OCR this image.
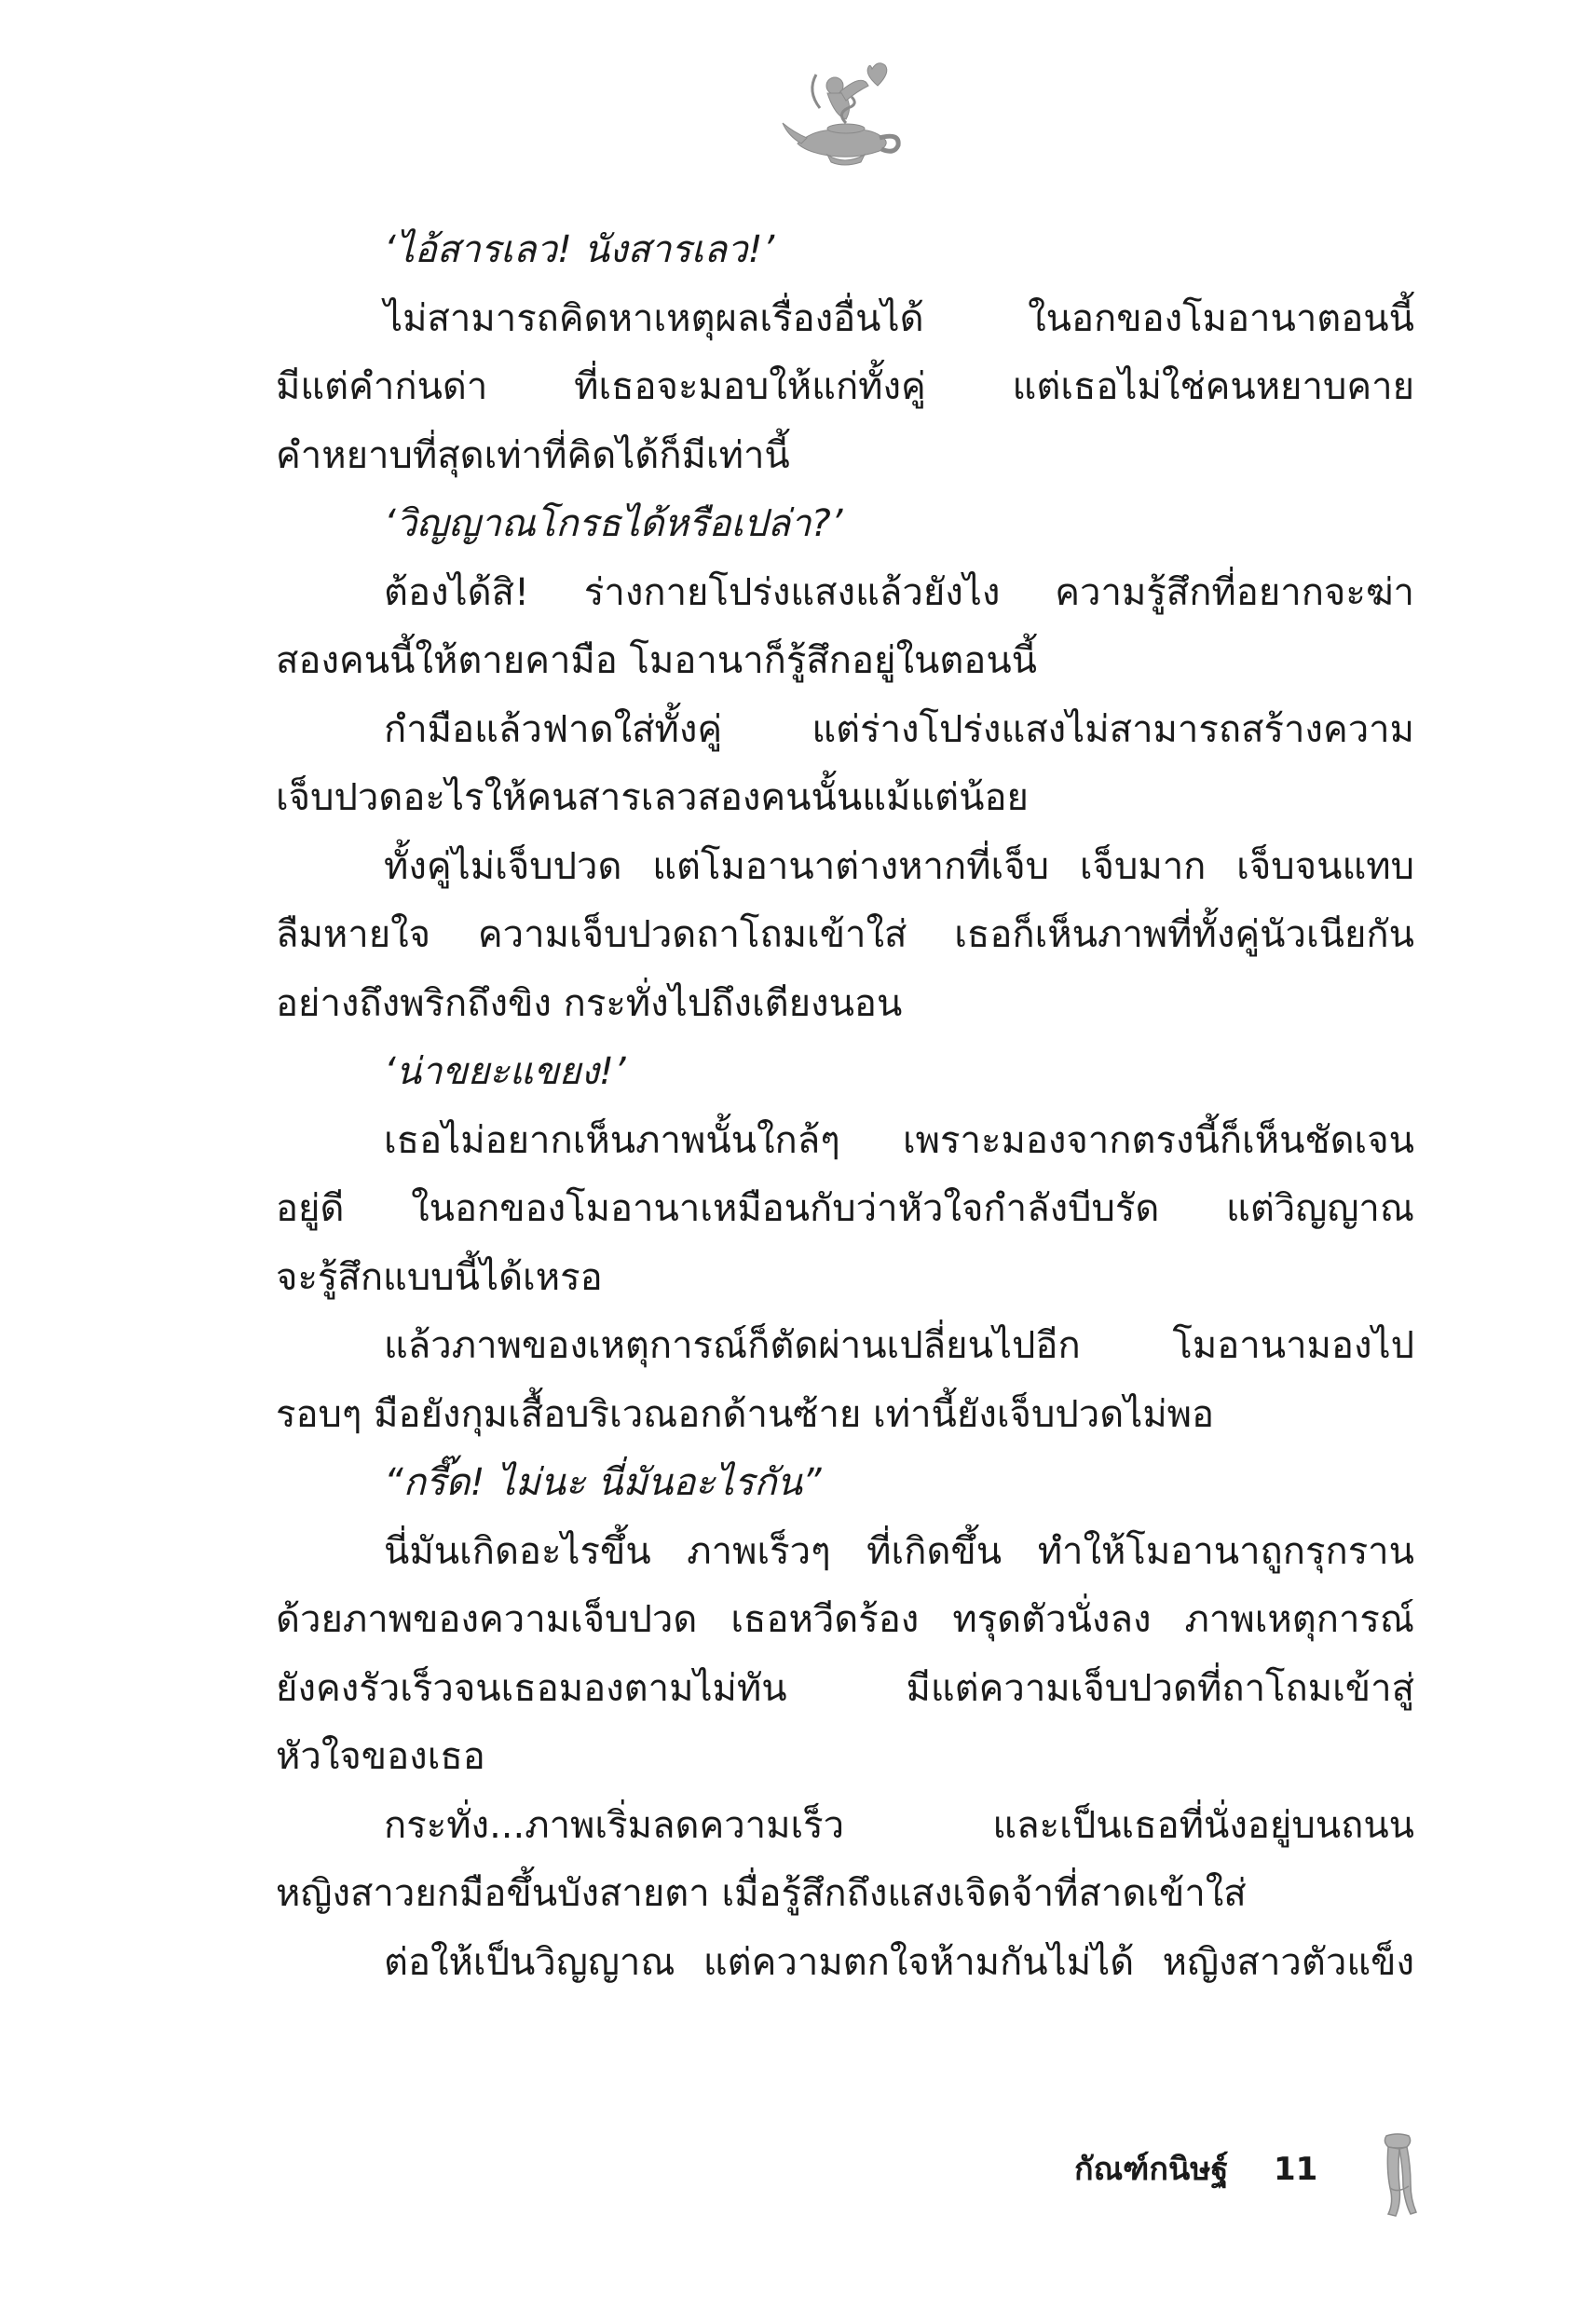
‘ไอ้สารเลว! นังสารเลว!’
ไม่สามารถคิดหาเหตุผลเรื่องอื่นได้ ในอกของโมอานาตอนนี้
มีแต่คำก่นด่า ที่เธอจะมอบให้แก่ทั้งคู่ แต่เธอไม่ใช่คนหยาบคาย
คำหยาบที่สุดเท่าที่คิดได้ก็มีเท่านี้
‘วิญญาณโกรธได้หรือเปล่า?’
ต้องได้สิ! ร่างกายโปร่งแสงแล้วยังไง ความรู้สึกที่อยากจะฆ่า
สองคนนี้ให้ตายคามือ โมอานาก็รู้สึกอยู่ในตอนนี้
กำมือแล้วฟาดใส่ทั้งคู่ แต่ร่างโปร่งแสงไม่สามารถสร้างความ
เจ็บปวดอะไรให้คนสารเลวสองคนนั้นแม้แต่น้อย
ทั้งคู่ไม่เจ็บปวด แต่โมอานาต่างหากที่เจ็บ เจ็บมาก เจ็บจนแทบ
ลืมหายใจ ความเจ็บปวดถาโถมเข้าใส่ เธอก็เห็นภาพที่ทั้งคู่นัวเนียกัน
อย่างถึงพริกถึงขิง กระทั่งไปถึงเตียงนอน
‘น่าขยะแขยง!’
เธอไม่อยากเห็นภาพนั้นใกล้ๆ เพราะมองจากตรงนี้ก็เห็นชัดเจน
อยู่ดี ในอกของโมอานาเหมือนกับว่าหัวใจกำลังบีบรัด แต่วิญญาณ
จะรู้สึกแบบนี้ได้เหรอ
แล้วภาพของเหตุการณ์ก็ตัดผ่านเปลี่ยนไปอีก โมอานามองไป
รอบๆ มือยังกุมเสื้อบริเวณอกด้านซ้าย เท่านี้ยังเจ็บปวดไม่พอ
“กรี๊ด! ไม่นะ นี่มันอะไรกัน”
นี่มันเกิดอะไรขึ้น ภาพเร็วๆ ที่เกิดขึ้น ทำให้โมอานาถูกรุกราน
ด้วยภาพของความเจ็บปวด เธอหวีดร้อง ทรุดตัวนั่งลง ภาพเหตุการณ์
ยังคงรัวเร็วจนเธอมองตามไม่ทัน มีแต่ความเจ็บปวดที่ถาโถมเข้าสู่
หัวใจของเธอ
กระทั่ง...ภาพเริ่มลดความเร็ว และเป็นเธอที่นั่งอยู่บนถนน
หญิงสาวยกมือขึ้นบังสายตา เมื่อรู้สึกถึงแสงเจิดจ้าที่สาดเข้าใส่
ต่อให้เป็นวิญญาณ แต่ความตกใจห้ามกันไม่ได้ หญิงสาวตัวแข็ง
กัณฑ์กนิษฐ์ 11
